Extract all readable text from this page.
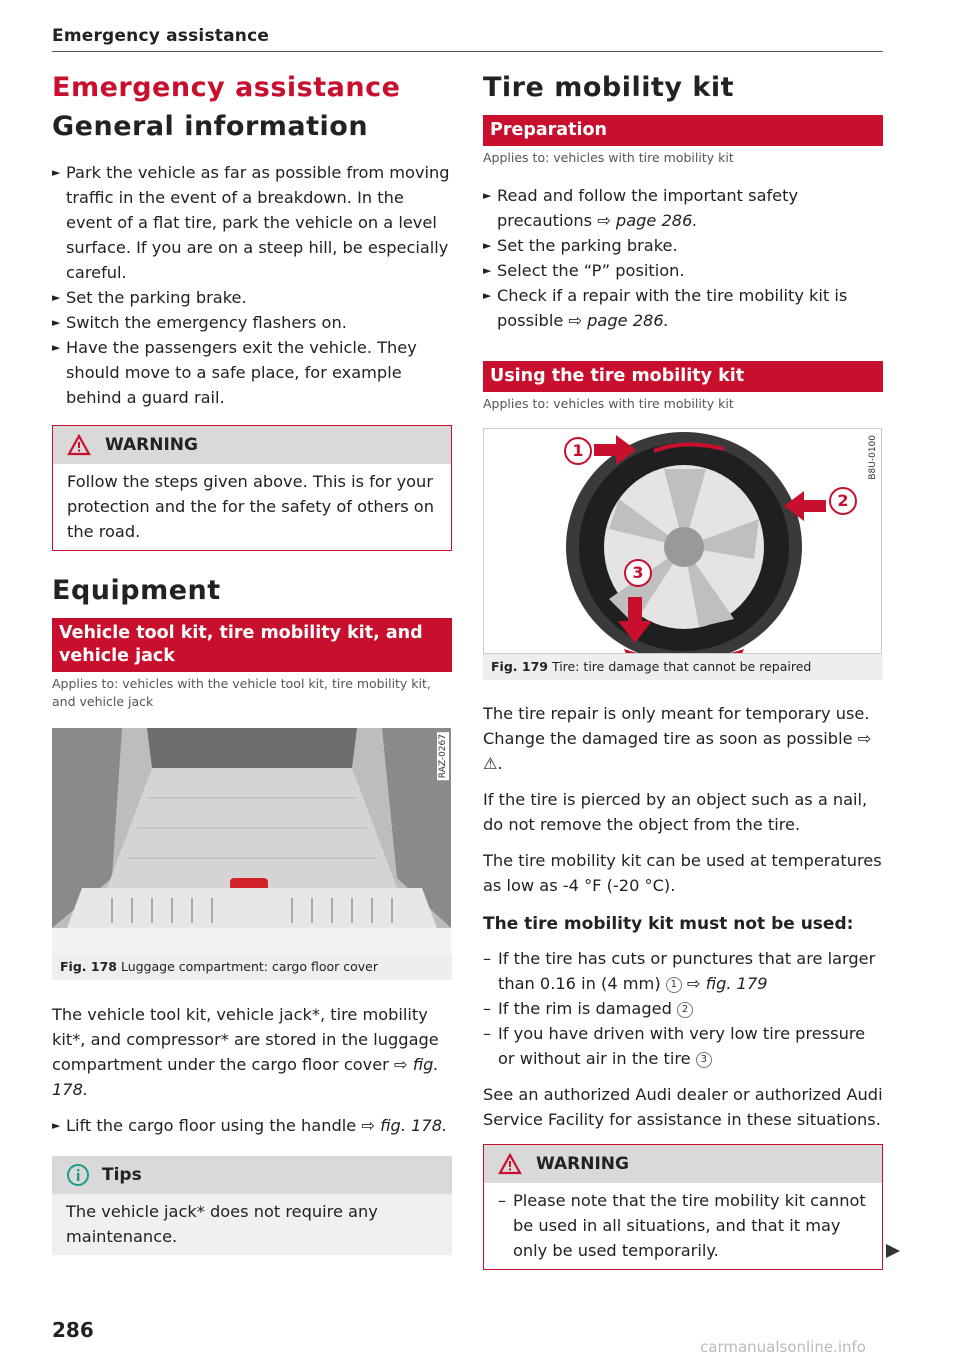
Emergency assistance
Emergency assistance
General information

► Park the vehicle as far as possible from moving traffic in the event of a breakdown. In the event of a flat tire, park the vehicle on a level surface. If you are on a steep hill, be especially careful.

► Set the parking brake.

► Switch the emergency flashers on.

► Have the passengers exit the vehicle. They should move to a safe place, for example behind a guard rail.

WARNING
Follow the steps given above. This is for your protection and the for the safety of others on the road.
Equipment
Vehicle tool kit, tire mobility kit, and vehicle jack
Applies to: vehicles with the vehicle tool kit, tire mobility kit, and vehicle jack
RAZ-0267
Fig. 178 Luggage compartment: cargo floor cover
The vehicle tool kit, vehicle jack*, tire mobility kit*, and compressor* are stored in the luggage compartment under the cargo floor cover ⇨ fig. 178.

► Lift the cargo floor using the handle ⇨ fig. 178.

Tips
The vehicle jack* does not require any maintenance.
286
Tire mobility kit
Preparation
Applies to: vehicles with tire mobility kit

► Read and follow the important safety precautions ⇨ page 286.

► Set the parking brake.

► Select the “P” position.

► Check if a repair with the tire mobility kit is possible ⇨ page 286.

Using the tire mobility kit
Applies to: vehicles with tire mobility kit
1
2
3
B8U-0100
Fig. 179 Tire: tire damage that cannot be repaired
The tire repair is only meant for temporary use. Change the damaged tire as soon as possible ⇨ ⚠.

If the tire is pierced by an object such as a nail, do not remove the object from the tire.

The tire mobility kit can be used at temperatures as low as -4 °F (-20 °C).

The tire mobility kit must not be used:

– If the tire has cuts or punctures that are larger than 0.16 in (4 mm) 1 ⇨ fig. 179

– If the rim is damaged 2

– If you have driven with very low tire pressure or without air in the tire 3

See an authorized Audi dealer or authorized Audi Service Facility for assistance in these situations.

WARNING

– Please note that the tire mobility kit cannot be used in all situations, and that it may only be used temporarily.

carmanualsonline.info
